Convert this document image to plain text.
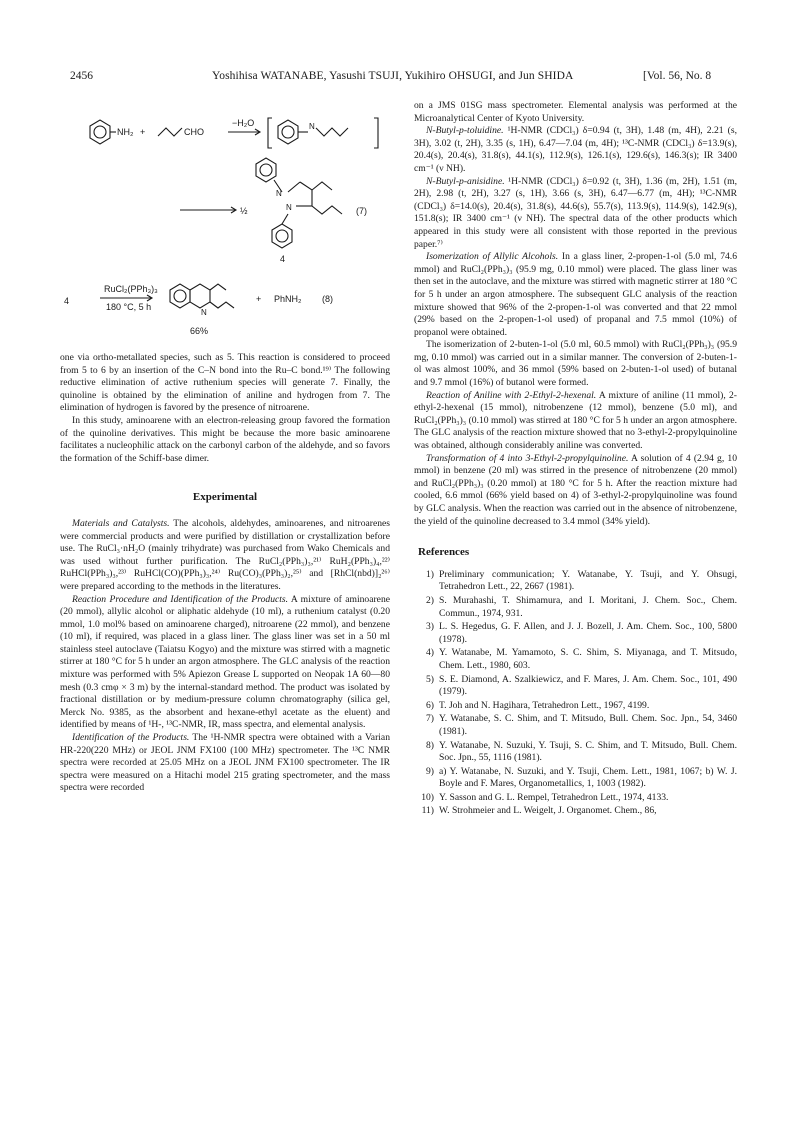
2456	Yoshihisa WATANABE, Yasushi TSUJI, Yukihiro OHSUGI, and Jun SHIDA	[Vol. 56, No. 8
NH₂ +	CHO
−H₂O	N
N
N
½	(7)
4
4
RuCl₂(PPh₃)₃
180 °C, 5 h
N
+ PhNH₂ (8)
66%

one via ortho-metallated species, such as 5. This reaction is considered to proceed from 5 to 6 by an insertion of the C–N bond into the Ru–C bond.¹⁹⁾ The following reductive elimination of active ruthenium species will generate 7. Finally, the quinoline is obtained by the elimination of aniline and hydrogen from 7. The elimination of hydrogen is favored by the presence of nitroarene.

In this study, aminoarene with an electron-releasing group favored the formation of the quinoline derivatives. This might be because the more basic aminoarene facilitates a nucleophilic attack on the carbonyl carbon of the aldehyde, and so favors the formation of the Schiff-base dimer.

Experimental

Materials and Catalysts. The alcohols, aldehydes, aminoarenes, and nitroarenes were commercial products and were purified by distillation or crystallization before use. The RuCl₃·nH₂O (mainly trihydrate) was purchased from Wako Chemicals and was used without further purification. The RuCl₂(PPh₃)₃,²¹⁾ RuH₂(PPh₃)₄,²²⁾ RuHCl(PPh₃)₃,²³⁾ RuHCl(CO)(PPh₃)₃,²⁴⁾ Ru(CO)₃(PPh₃)₂,²⁵⁾ and [RhCl(nbd)]₂²⁶⁾ were prepared according to the methods in the literatures.

Reaction Procedure and Identification of the Products. A mixture of aminoarene (20 mmol), allylic alcohol or aliphatic aldehyde (10 ml), a ruthenium catalyst (0.20 mmol, 1.0 mol% based on aminoarene charged), nitroarene (22 mmol), and benzene (10 ml), if required, was placed in a glass liner. The glass liner was set in a 50 ml stainless steel autoclave (Taiatsu Kogyo) and the mixture was stirred with a magnetic stirrer at 180 °C for 5 h under an argon atmosphere. The GLC analysis of the reaction mixture was performed with 5% Apiezon Grease L supported on Neopak 1A 60—80 mesh (0.3 cmφ × 3 m) by the internal-standard method. The product was isolated by fractional distillation or by medium-pressure column chromatography (silica gel, Merck No. 9385, as the absorbent and hexane-ethyl acetate as the eluent) and identified by means of ¹H-, ¹³C-NMR, IR, mass spectra, and elemental analysis.

Identification of the Products. The ¹H-NMR spectra were obtained with a Varian HR-220(220 MHz) or JEOL JNM FX100 (100 MHz) spectrometer. The ¹³C NMR spectra were recorded at 25.05 MHz on a JEOL JNM FX100 spectrometer. The IR spectra were measured on a Hitachi model 215 grating spectrometer, and the mass spectra were recorded

on a JMS 01SG mass spectrometer. Elemental analysis was performed at the Microanalytical Center of Kyoto University.

N-Butyl-p-toluidine. ¹H-NMR (CDCl₃) δ=0.94 (t, 3H), 1.48 (m, 4H), 2.21 (s, 3H), 3.02 (t, 2H), 3.35 (s, 1H), 6.47—7.04 (m, 4H); ¹³C-NMR (CDCl₃) δ=13.9(s), 20.4(s), 20.4(s), 31.8(s), 44.1(s), 112.9(s), 126.1(s), 129.6(s), 146.3(s); IR 3400 cm⁻¹ (ν NH).

N-Butyl-p-anisidine. ¹H-NMR (CDCl₃) δ=0.92 (t, 3H), 1.36 (m, 2H), 1.51 (m, 2H), 2.98 (t, 2H), 3.27 (s, 1H), 3.66 (s, 3H), 6.47—6.77 (m, 4H); ¹³C-NMR (CDCl₃) δ=14.0(s), 20.4(s), 31.8(s), 44.6(s), 55.7(s), 113.9(s), 114.9(s), 142.9(s), 151.8(s); IR 3400 cm⁻¹ (ν NH). The spectral data of the other products which appeared in this study were all consistent with those reported in the previous paper.⁷⁾

Isomerization of Allylic Alcohols. In a glass liner, 2-propen-1-ol (5.0 ml, 74.6 mmol) and RuCl₂(PPh₃)₃ (95.9 mg, 0.10 mmol) were placed. The glass liner was then set in the autoclave, and the mixture was stirred with magnetic stirrer at 180 °C for 5 h under an argon atmosphere. The subsequent GLC analysis of the reaction mixture showed that 96% of the 2-propen-1-ol was converted and that 22 mmol (29% based on the 2-propen-1-ol used) of propanal and 7.5 mmol (10%) of propanol were obtained.

The isomerization of 2-buten-1-ol (5.0 ml, 60.5 mmol) with RuCl₂(PPh₃)₃ (95.9 mg, 0.10 mmol) was carried out in a similar manner. The conversion of 2-buten-1-ol was almost 100%, and 36 mmol (59% based on 2-buten-1-ol used) of butanal and 9.7 mmol (16%) of butanol were formed.

Reaction of Aniline with 2-Ethyl-2-hexenal. A mixture of aniline (11 mmol), 2-ethyl-2-hexenal (15 mmol), nitrobenzene (12 mmol), benzene (5.0 ml), and RuCl₂(PPh₃)₃ (0.10 mmol) was stirred at 180 °C for 5 h under an argon atmosphere. The GLC analysis of the reaction mixture showed that no 3-ethyl-2-propylquinoline was obtained, although considerably aniline was converted.

Transformation of 4 into 3-Ethyl-2-propylquinoline. A solution of 4 (2.94 g, 10 mmol) in benzene (20 ml) was stirred in the presence of nitrobenzene (20 mmol) and RuCl₂(PPh₃)₃ (0.20 mmol) at 180 °C for 5 h. After the reaction mixture had cooled, 6.6 mmol (66% yield based on 4) of 3-ethyl-2-propylquinoline was found by GLC analysis. When the reaction was carried out in the absence of nitrobenzene, the yield of the quinoline decreased to 3.4 mmol (34% yield).

References
1) Preliminary communication; Y. Watanabe, Y. Tsuji, and Y. Ohsugi, Tetrahedron Lett., 22, 2667 (1981).
2) S. Murahashi, T. Shimamura, and I. Moritani, J. Chem. Soc., Chem. Commun., 1974, 931.
3) L. S. Hegedus, G. F. Allen, and J. J. Bozell, J. Am. Chem. Soc., 100, 5800 (1978).
4) Y. Watanabe, M. Yamamoto, S. C. Shim, S. Miyanaga, and T. Mitsudo, Chem. Lett., 1980, 603.
5) S. E. Diamond, A. Szalkiewicz, and F. Mares, J. Am. Chem. Soc., 101, 490 (1979).
6) T. Joh and N. Hagihara, Tetrahedron Lett., 1967, 4199.
7) Y. Watanabe, S. C. Shim, and T. Mitsudo, Bull. Chem. Soc. Jpn., 54, 3460 (1981).
8) Y. Watanabe, N. Suzuki, Y. Tsuji, S. C. Shim, and T. Mitsudo, Bull. Chem. Soc. Jpn., 55, 1116 (1981).
9) a) Y. Watanabe, N. Suzuki, and Y. Tsuji, Chem. Lett., 1981, 1067; b) W. J. Boyle and F. Mares, Organometallics, 1, 1003 (1982).
10) Y. Sasson and G. L. Rempel, Tetrahedron Lett., 1974, 4133.
11) W. Strohmeier and L. Weigelt, J. Organomet. Chem., 86,
